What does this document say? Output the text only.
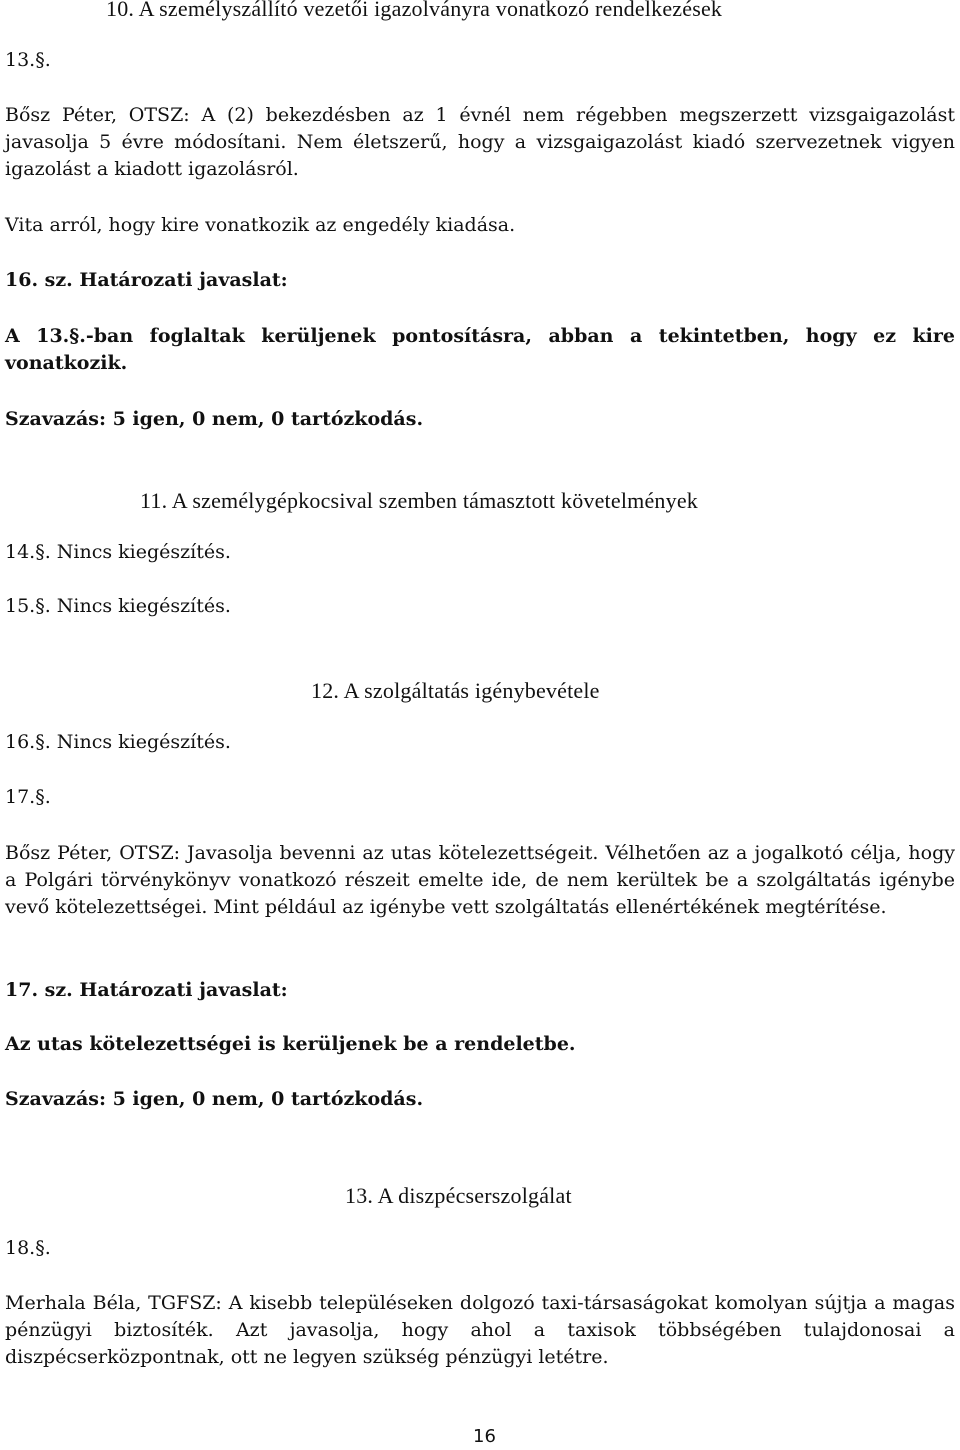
10. A személyszállító vezetői igazolványra vonatkozó rendelkezések

13.§.

Bősz Péter, OTSZ: A (2) bekezdésben az 1 évnél nem régebben megszerzett vizsgaigazolást javasolja 5 évre módosítani. Nem életszerű, hogy a vizsgaigazolást kiadó szervezetnek vigyen igazolást a kiadott igazolásról.

Vita arról, hogy kire vonatkozik az engedély kiadása.

16. sz. Határozati javaslat:

A 13.§.-ban foglaltak kerüljenek pontosításra, abban a tekintetben, hogy ez kire vonatkozik.

Szavazás: 5 igen, 0 nem, 0 tartózkodás.

11. A személygépkocsival szemben támasztott követelmények

14.§. Nincs kiegészítés.

15.§. Nincs kiegészítés.

12. A szolgáltatás igénybevétele

16.§. Nincs kiegészítés.

17.§.

Bősz Péter, OTSZ: Javasolja bevenni az utas kötelezettségeit. Vélhetően az a jogalkotó célja, hogy a Polgári törvénykönyv vonatkozó részeit emelte ide, de nem kerültek be a szolgáltatás igénybe vevő kötelezettségei. Mint például az igénybe vett szolgáltatás ellenértékének megtérítése.

17. sz. Határozati javaslat:

Az utas kötelezettségei is kerüljenek be a rendeletbe.

Szavazás: 5 igen, 0 nem, 0 tartózkodás.

13. A diszpécserszolgálat

18.§.

Merhala Béla, TGFSZ: A kisebb településeken dolgozó taxi-társaságokat komolyan sújtja a magas pénzügyi biztosíték. Azt javasolja, hogy ahol a taxisok többségében tulajdonosai a diszpécserközpontnak, ott ne legyen szükség pénzügyi letétre.

16
